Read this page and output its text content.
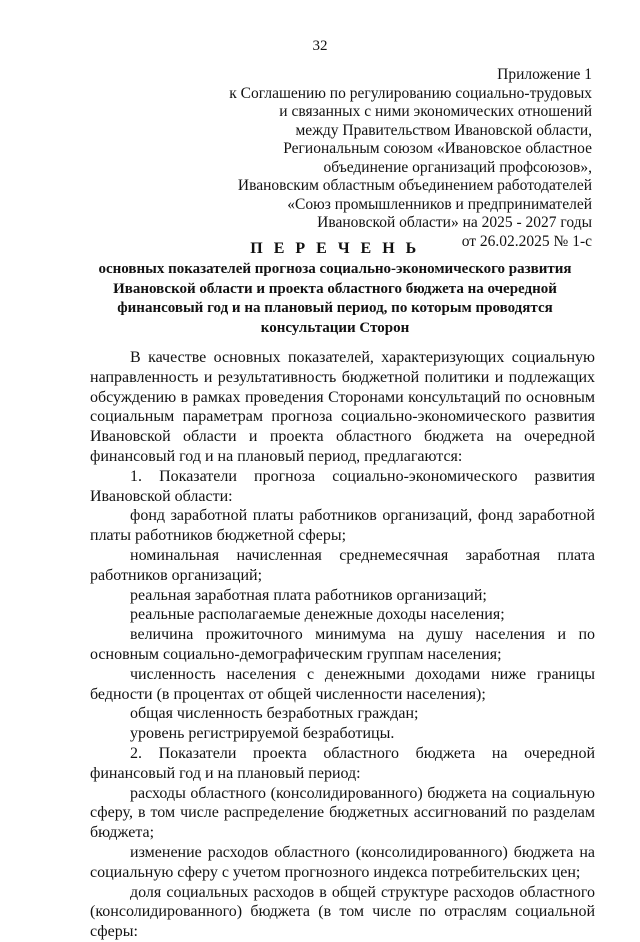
32
Приложение 1
к Соглашению по регулированию социально-трудовых
и связанных с ними экономических отношений
между Правительством Ивановской области,
Региональным союзом «Ивановское областное
объединение организаций профсоюзов»,
Ивановским областным объединением работодателей
«Союз промышленников и предпринимателей
Ивановской области» на 2025 - 2027 годы
от 26.02.2025 № 1-с
П Е Р Е Ч Е Н Ь
основных показателей прогноза социально-экономического развития
Ивановской области и проекта областного бюджета на очередной
финансовый год и на плановый период, по которым проводятся
консультации Сторон

В качестве основных показателей, характеризующих социальную направленность и результативность бюджетной политики и подлежащих обсуждению в рамках проведения Сторонами консультаций по основным социальным параметрам прогноза социально-экономического развития Ивановской области и проекта областного бюджета на очередной финансовый год и на плановый период, предлагаются:

1. Показатели прогноза социально-экономического развития Ивановской области:

фонд заработной платы работников организаций, фонд заработной платы работников бюджетной сферы;

номинальная начисленная среднемесячная заработная плата работников организаций;

реальная заработная плата работников организаций;

реальные располагаемые денежные доходы населения;

величина прожиточного минимума на душу населения и по основным социально-демографическим группам населения;

численность населения с денежными доходами ниже границы бедности (в процентах от общей численности населения);

общая численность безработных граждан;

уровень регистрируемой безработицы.

2. Показатели проекта областного бюджета на очередной финансовый год и на плановый период:

расходы областного (консолидированного) бюджета на социальную сферу, в том числе распределение бюджетных ассигнований по разделам бюджета;

изменение расходов областного (консолидированного) бюджета на социальную сферу с учетом прогнозного индекса потребительских цен;

доля социальных расходов в общей структуре расходов областного (консолидированного) бюджета (в том числе по отраслям социальной сферы:
